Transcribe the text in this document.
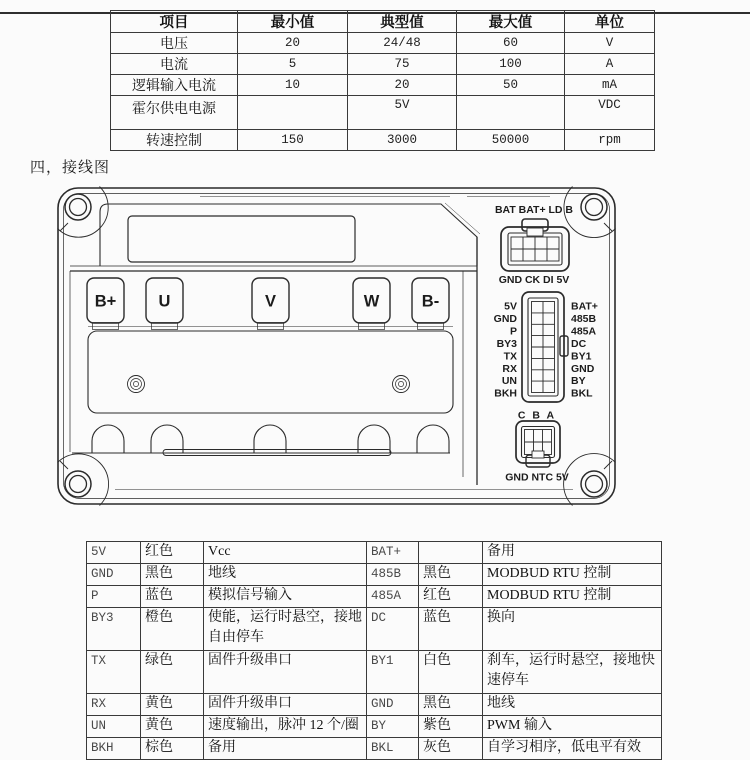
项目	最小值	典型值	最大值	单位
电压	20	24/48	60	V
电流	5	75	100	A
逻辑输入电流	10	20	50	mA
霍尔供电电源		5V		VDC
转速控制	150	3000	50000	rpm
四，接线图
B+	U	V	W	B-
BAT BAT+ LD B
GND CK DI 5V
5V
GND
P
BY3
TX
RX
UN
BKH
BAT+
485B
485A
DC
BY1
GND
BY
BKL
C B A
GND NTC 5V
5V	红色	Vcc	BAT+		备用
GND	黑色	地线	485B	黑色	MODBUD RTU 控制
P	蓝色	模拟信号输入	485A	红色	MODBUD RTU 控制
BY3	橙色	使能，运行时悬空，接地自由停车	DC	蓝色	换向
TX	绿色	固件升级串口	BY1	白色	刹车，运行时悬空，接地快速停车
RX	黄色	固件升级串口	GND	黑色	地线
UN	黄色	速度输出，脉冲 12 个/圈	BY	紫色	PWM 输入
BKH	棕色	备用	BKL	灰色	自学习相序，低电平有效
